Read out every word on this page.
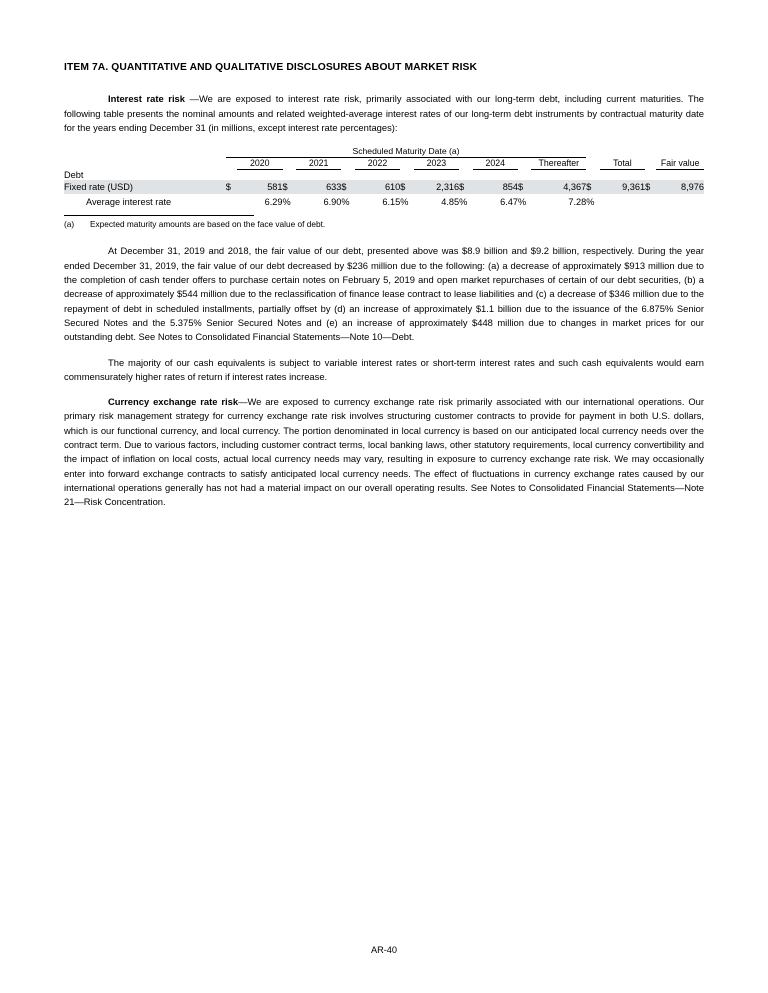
ITEM 7A. QUANTITATIVE AND QUALITATIVE DISCLOSURES ABOUT MARKET RISK

Interest rate risk —We are exposed to interest rate risk, primarily associated with our long-term debt, including current maturities. The following table presents the nominal amounts and related weighted-average interest rates of our long-term debt instruments by contractual maturity date for the years ending December 31 (in millions, except interest rate percentages):

	Scheduled Maturity Date (a)															

		2020		2021		2022		2023		2024		Thereafter		Total		Fair value

Debt																
Fixed rate (USD)	$	581	$	633	$	610	$	2,316	$	854	$	4,367	$	9,361	$	8,976
Average interest rate		6.29	%	6.90	%	6.15	%	4.85	%	6.47	%	7.28	%			

(a) Expected maturity amounts are based on the face value of debt.

At December 31, 2019 and 2018, the fair value of our debt, presented above was $8.9 billion and $9.2 billion, respectively. During the year ended December 31, 2019, the fair value of our debt decreased by $236 million due to the following: (a) a decrease of approximately $913 million due to the completion of cash tender offers to purchase certain notes on February 5, 2019 and open market repurchases of certain of our debt securities, (b) a decrease of approximately $544 million due to the reclassification of finance lease contract to lease liabilities and (c) a decrease of $346 million due to the repayment of debt in scheduled installments, partially offset by (d) an increase of approximately $1.1 billion due to the issuance of the 6.875% Senior Secured Notes and the 5.375% Senior Secured Notes and (e) an increase of approximately $448 million due to changes in market prices for our outstanding debt. See Notes to Consolidated Financial Statements—Note 10—Debt.

The majority of our cash equivalents is subject to variable interest rates or short-term interest rates and such cash equivalents would earn commensurately higher rates of return if interest rates increase.

Currency exchange rate risk—We are exposed to currency exchange rate risk primarily associated with our international operations. Our primary risk management strategy for currency exchange rate risk involves structuring customer contracts to provide for payment in both U.S. dollars, which is our functional currency, and local currency. The portion denominated in local currency is based on our anticipated local currency needs over the contract term. Due to various factors, including customer contract terms, local banking laws, other statutory requirements, local currency convertibility and the impact of inflation on local costs, actual local currency needs may vary, resulting in exposure to currency exchange rate risk. We may occasionally enter into forward exchange contracts to satisfy anticipated local currency needs. The effect of fluctuations in currency exchange rates caused by our international operations generally has not had a material impact on our overall operating results. See Notes to Consolidated Financial Statements—Note 21—Risk Concentration.

AR-40
